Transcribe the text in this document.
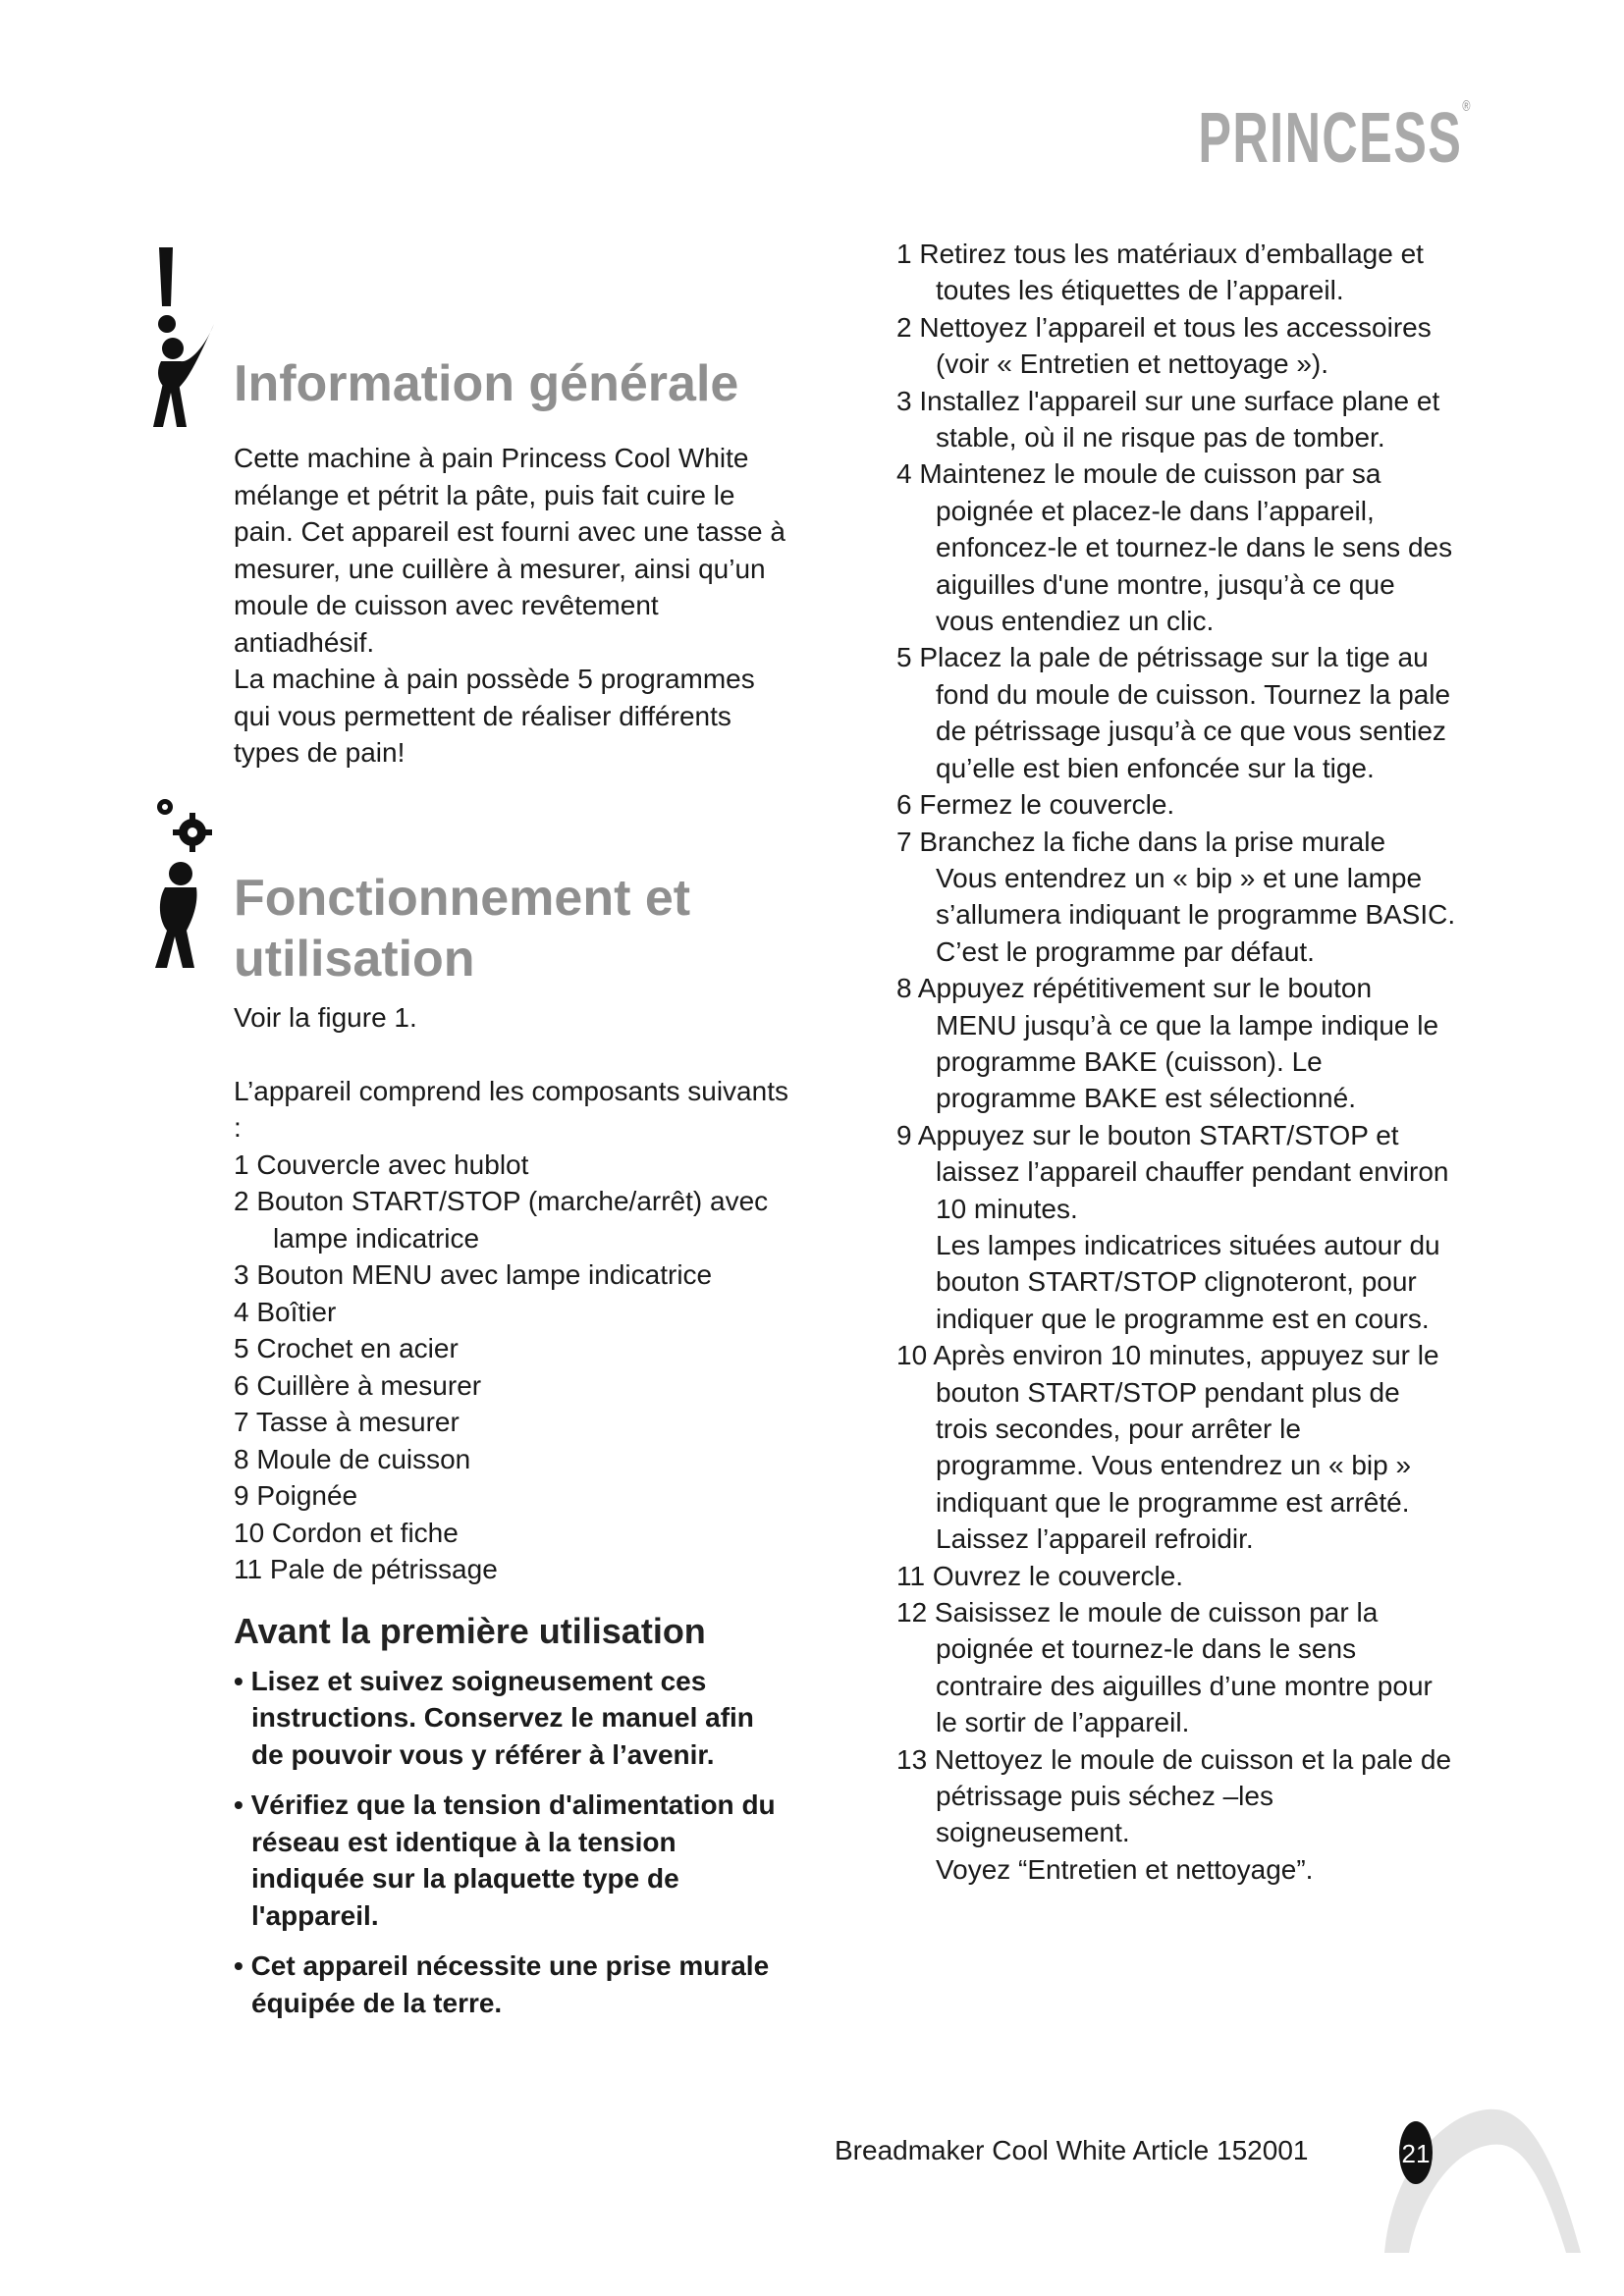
PRINCESS®
Information générale

Cette machine à pain Princess Cool White mélange et pétrit la pâte, puis fait cuire le pain. Cet appareil est fourni avec une tasse à mesurer, une cuillère à mesurer, ainsi qu’un moule de cuisson avec revêtement antiadhésif.

La machine à pain possède 5 programmes qui vous permettent de réaliser différents types de pain!

Fonctionnement et
utilisation

Voir la figure 1.

L’appareil comprend les composants suivants :

1 Couvercle avec hublot
2 Bouton START/STOP (marche/arrêt) avec lampe indicatrice
3 Bouton MENU avec lampe indicatrice
4 Boîtier
5 Crochet en acier
6 Cuillère à mesurer
7 Tasse à mesurer
8 Moule de cuisson
9 Poignée
10 Cordon et fiche
11 Pale de pétrissage
Avant la première utilisation
• Lisez et suivez soigneusement ces instructions. Conservez le manuel afin de pouvoir vous y référer à l’avenir.
• Vérifiez que la tension d'alimentation du réseau est identique à la tension indiquée sur la plaquette type de l'appareil.
• Cet appareil nécessite une prise murale équipée de la terre.
1 Retirez tous les matériaux d’emballage et toutes les étiquettes de l’appareil.
2 Nettoyez l’appareil et tous les accessoires (voir « Entretien et nettoyage »).
3 Installez l'appareil sur une surface plane et stable, où il ne risque pas de tomber.
4 Maintenez le moule de cuisson par sa poignée et placez-le dans l’appareil, enfoncez-le et tournez-le dans le sens des aiguilles d'une montre, jusqu’à ce que vous entendiez un clic.
5 Placez la pale de pétrissage sur la tige au fond du moule de cuisson. Tournez la pale de pétrissage jusqu’à ce que vous sentiez qu’elle est bien enfoncée sur la tige.
6 Fermez le couvercle.
7 Branchez la fiche dans la prise murale
Vous entendrez un « bip » et une lampe s’allumera indiquant le programme BASIC. C’est le programme par défaut.
8 Appuyez répétitivement sur le bouton MENU jusqu’à ce que la lampe indique le programme BAKE (cuisson). Le programme BAKE est sélectionné.
9 Appuyez sur le bouton START/STOP et laissez l’appareil chauffer pendant environ 10 minutes.
Les lampes indicatrices situées autour du bouton START/STOP clignoteront, pour indiquer que le programme est en cours.
10 Après environ 10 minutes, appuyez sur le bouton START/STOP pendant plus de trois secondes, pour arrêter le programme. Vous entendrez un « bip » indiquant que le programme est arrêté.
Laissez l’appareil refroidir.
11 Ouvrez le couvercle.
12 Saisissez le moule de cuisson par la poignée et tournez-le dans le sens contraire des aiguilles d’une montre pour le sortir de l’appareil.
13 Nettoyez le moule de cuisson et la pale de pétrissage puis séchez –les soigneusement.
Voyez “Entretien et nettoyage”.
Breadmaker Cool White Article 152001	21
